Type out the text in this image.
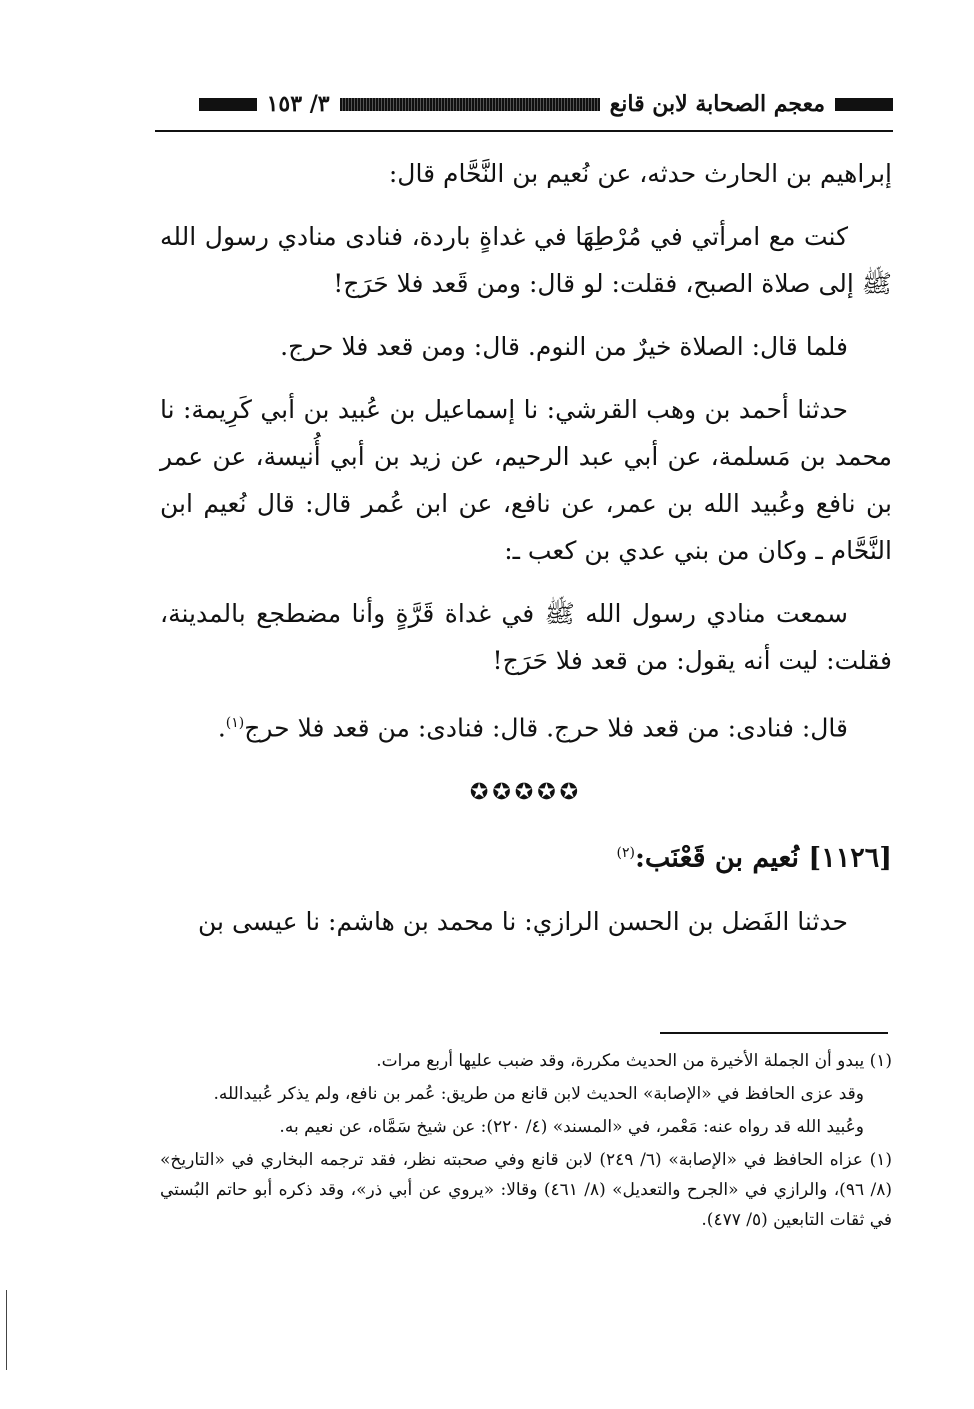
معجم الصحابة لابن قانع
٣/ ١٥٣

إبراهيم بن الحارث حدثه، عن نُعيم بن النَّحَّام قال:

كنت مع امرأتي في مُرْطِهَا في غداةٍ باردة، فنادى منادي رسول الله ﷺ إلى صلاة الصبح، فقلت: لو قال: ومن قَعد فلا حَرَج!

فلما قال: الصلاة خيرٌ من النوم. قال: ومن قعد فلا حرج.

حدثنا أحمد بن وهب القرشي: نا إسماعيل بن عُبيد بن أبي كَرِيمة: نا محمد بن مَسلمة، عن أبي عبد الرحيم، عن زيد بن أبي أُنيسة، عن عمر بن نافع وعُبيد الله بن عمر، عن نافع، عن ابن عُمر قال: قال نُعيم ابن النَّحَّام ـ وكان من بني عدي بن كعب ـ:

سمعت منادي رسول الله ﷺ في غداة قَرَّةٍ وأنا مضطجع بالمدينة، فقلت: ليت أنه يقول: من قعد فلا حَرَج!

قال: فنادى: من قعد فلا حرج. قال: فنادى: من قعد فلا حرج$^{(١)}$.

✪✪✪✪✪

[١١٢٦] نُعيم بن قَعْنَب:$^{(٢)}$

حدثنا الفَضل بن الحسن الرازي: نا محمد بن هاشم: نا عيسى بن

(١) يبدو أن الجملة الأخيرة من الحديث مكررة، وقد ضبب عليها أربع مرات.

وقد عزى الحافظ في «الإصابة» الحديث لابن قانع من طريق: عُمر بن نافع، ولم يذكر عُبيدالله.

وعُبيد الله قد رواه عنه: مَعْمر، في «المسند» (٤/ ٢٢٠): عن شيخ سَمَّاه، عن نعيم به.

(١) عزاه الحافظ في «الإصابة» (٦/ ٢٤٩) لابن قانع وفي صحبته نظر، فقد ترجمه البخاري في «التاريخ» (٨/ ٩٦)، والرازي في «الجرح والتعديل» (٨/ ٤٦١) وقالا: «يروي عن أبي ذر»، وقد ذكره أبو حاتم البُستي في ثقات التابعين (٥/ ٤٧٧).
